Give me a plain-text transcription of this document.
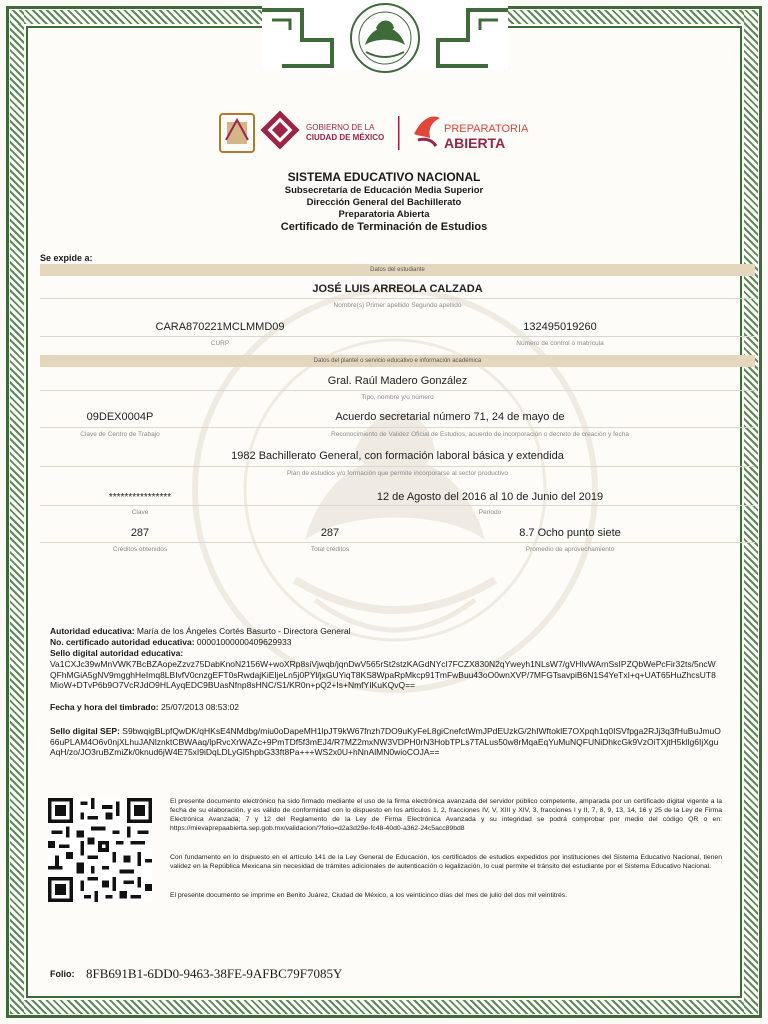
GOBIERNO DE LA
CIUDAD DE MÉXICO
PREPARATORIA
ABIERTA
SISTEMA EDUCATIVO NACIONAL
Subsecretaría de Educación Media Superior
Dirección General del Bachillerato
Preparatoria Abierta
Certificado de Terminación de Estudios
Se expide a:
Datos del estudiante
JOSÉ LUIS ARREOLA CALZADA
Nombre(s) Primer apellido Segundo apellido
CARA870221MCLMMD09	132495019260
CURP	Número de control o matrícula
Datos del plantel o servicio educativo e información académica
Gral. Raúl Madero González
Tipo, nombre y/o número
09DEX0004P	Acuerdo secretarial número 71, 24 de mayo de
Clave de Centro de Trabajo	Reconocimiento de Validez Oficial de Estudios, acuerdo de incorporación o decreto de creación y fecha
1982 Bachillerato General, con formación laboral básica y extendida
Plan de estudios y/o formación que permite incorporarse al sector productivo
****************	12 de Agosto del 2016 al 10 de Junio del 2019
Clave	Periodo
287	287	8.7 Ocho punto siete
Créditos obtenidos	Total créditos	Promedio de aprovechamiento
Autoridad educativa: María de los Ángeles Cortés Basurto - Directora General
No. certificado autoridad educativa: 00001000000409629933
Sello digital autoridad educativa:
Va1CXJc39wMnVWK7BcBZAopeZzvz75DabKnoN2156W+woXRp8siVjwqb/jqnDwV565rSt2stzKAGdNYcI7FCZX830N2qYweyh1NLsW7/gVHlvWArnSsIPZQbWePcFir32ts/5ncWQFhMGiA5gNV9mgghHeImq8LBIvfV0cnzgEFT0sRwdajKiEIjeLn5j0PYl/jxGUYiqT8KS8WpaRpMkcp91TmFwBuu43oO0wnXVP/7MFGTsavpiB6N1S4YeTxI+q+UAT65HuZhcsUT8MioW+DTvP6b9O7VcRJdO9HLAyqEDC9BUasNfnp8sHNC/S1/KR0n+pQ2+Is+NmfYIKuKQvQ==
Fecha y hora del timbrado: 25/07/2013 08:53:02
Sello digital SEP: S9bwqigBLpfQwDK/qHKsE4NMdbg/miu0oDapeMH1lpJT9kW67fnzh7DO9uKyFeL8giCnefctWmJPdEUzkG/2hIWftoklE7OXpqh1q0ISVfpga2RJj3q3fHuBuJmuO66uPLAM4O6v0njXLhuJANlznktCBWAaq/lpRvcXrWAZc+9PmTDf5f3mEJ4/R7MZ2mxNW3VDPH0rN3HobTPLs7TALus50w8rMqaEqYuMuNQFUNiDhkcGk9VzOiTXjtH5kllg6IjXguAqH/zo/JO3ruBZmiZk/0knud6jW4E75xI9iDqLDLyGl5hpbG33ft8Pa+++WS2x0U+hNnAlMN0wioCOJA==
El presente documento electrónico ha sido firmado mediante el uso de la firma electrónica avanzada del servidor público competente, amparada por un certificado digital vigente a la fecha de su elaboración, y es válido de conformidad con lo dispuesto en los artículos 1, 2, fracciones IV, V, XIII y XIV, 3, fracciones I y II, 7, 8, 9, 13, 14, 16 y 25 de la Ley de Firma Electrónica Avanzada; 7 y 12 del Reglamento de la Ley de Firma Electrónica Avanzada y su integridad se podrá comprobar por medio del código QR o en: https://mievaprepaabierta.sep.gob.mx/validacion/?folio=d2a3d29e-fc48-40d0-a362-24c5acc89bd8
Con fundamento en lo dispuesto en el artículo 141 de la Ley General de Educación, los certificados de estudios expedidos por instituciones del Sistema Educativo Nacional, tienen validez en la República Mexicana sin necesidad de trámites adicionales de autenticación o legalización, lo cual permite el tránsito del estudiante por el Sistema Educativo Nacional.
El presente documento se imprime en Benito Juárez, Ciudad de México, a los veinticinco días del mes de julio del dos mil veintitrés.
Folio: 8FB691B1-6DD0-9463-38FE-9AFBC79F7085Y
